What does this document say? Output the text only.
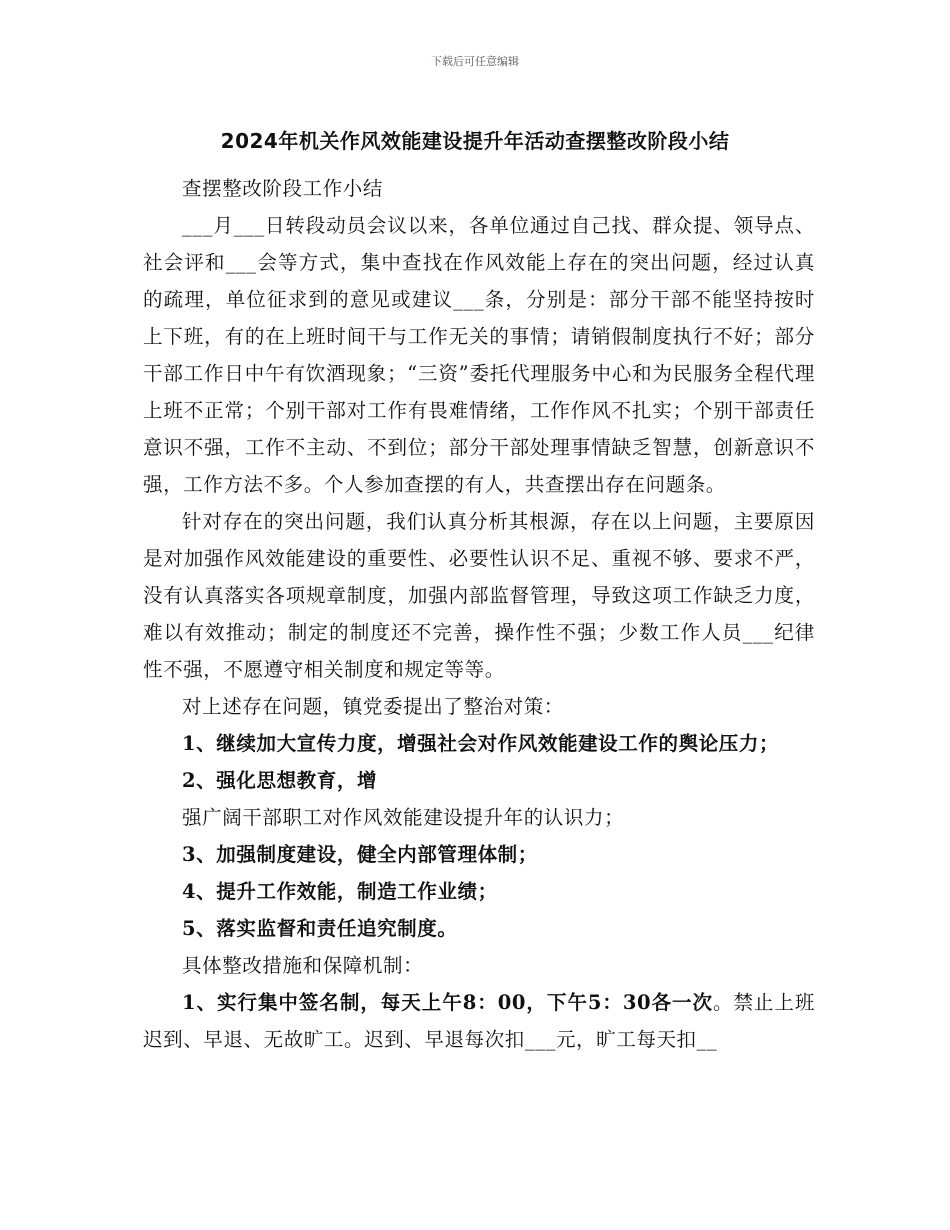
下载后可任意编辑
2024年机关作风效能建设提升年活动查摆整改阶段小结

查摆整改阶段工作小结

___月___日转段动员会议以来，各单位通过自己找、群众提、领导点、社会评和___会等方式，集中查找在作风效能上存在的突出问题，经过认真的疏理，单位征求到的意见或建议___条，分别是：部分干部不能坚持按时上下班，有的在上班时间干与工作无关的事情；请销假制度执行不好；部分干部工作日中午有饮酒现象；“三资”委托代理服务中心和为民服务全程代理上班不正常；个别干部对工作有畏难情绪，工作作风不扎实；个别干部责任意识不强，工作不主动、不到位；部分干部处理事情缺乏智慧，创新意识不强，工作方法不多。个人参加查摆的有人，共查摆出存在问题条。

针对存在的突出问题，我们认真分析其根源，存在以上问题，主要原因是对加强作风效能建设的重要性、必要性认识不足、重视不够、要求不严，没有认真落实各项规章制度，加强内部监督管理，导致这项工作缺乏力度，难以有效推动；制定的制度还不完善，操作性不强；少数工作人员___纪律性不强，不愿遵守相关制度和规定等等。

对上述存在问题，镇党委提出了整治对策：

1、继续加大宣传力度，增强社会对作风效能建设工作的舆论压力；

2、强化思想教育，增

强广阔干部职工对作风效能建设提升年的认识力；

3、加强制度建设，健全内部管理体制；

4、提升工作效能，制造工作业绩；

5、落实监督和责任追究制度。

具体整改措施和保障机制：

1、实行集中签名制，每天上午8：00，下午5：30各一次。禁止上班迟到、早退、无故旷工。迟到、早退每次扣___元，旷工每天扣__
